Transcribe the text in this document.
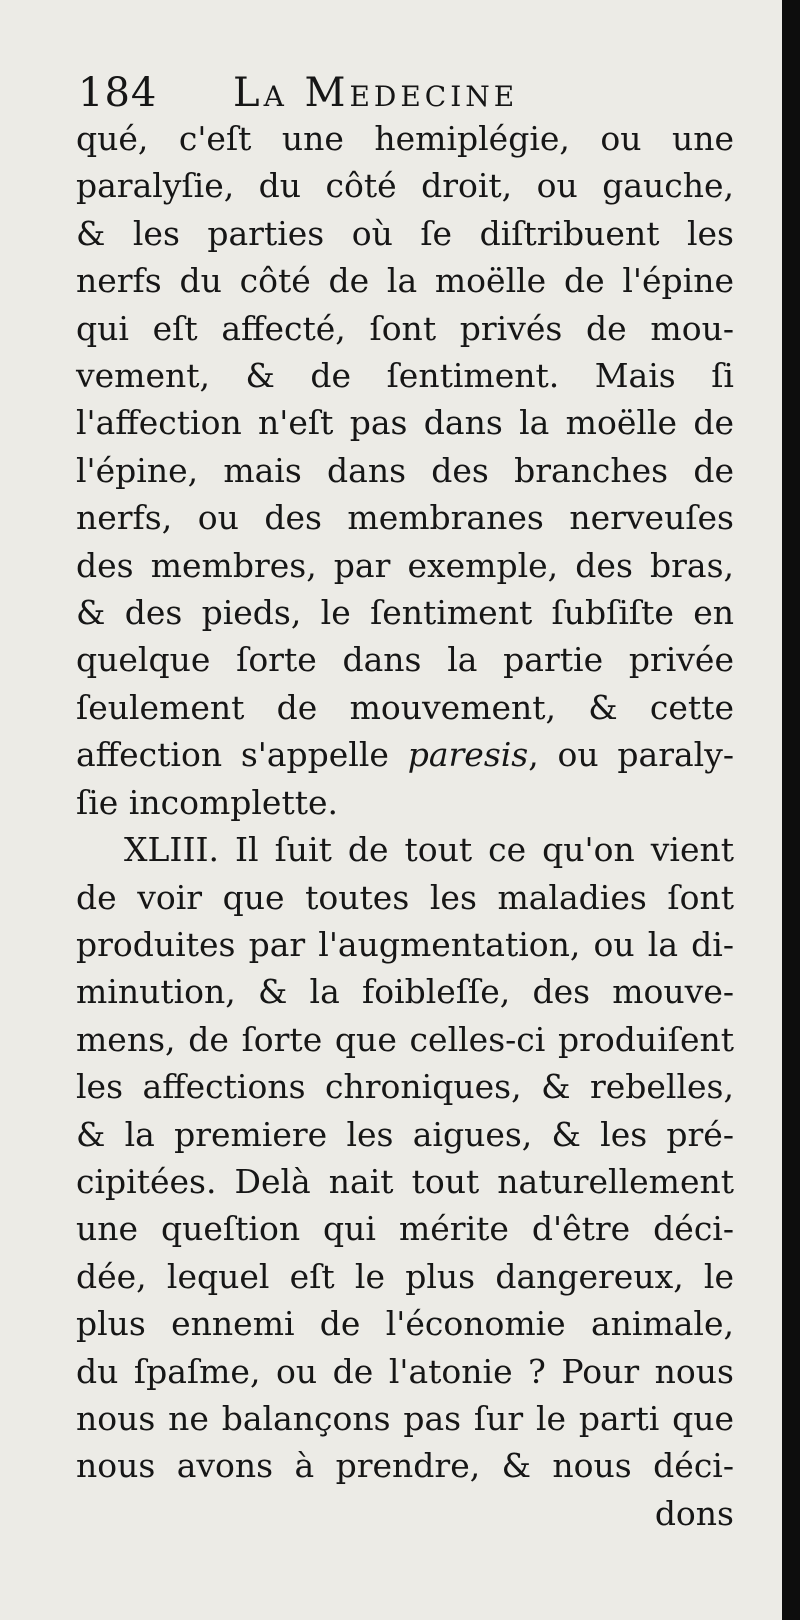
184 La Medecine
qué, c'eſt une hemiplégie, ou une
paralyſie, du côté droit, ou gauche,
& les parties où ſe diſtribuent les
nerfs du côté de la moëlle de l'épine
qui eſt affecté, ſont privés de mou-
vement, & de ſentiment. Mais ſi
l'affection n'eſt pas dans la moëlle de
l'épine, mais dans des branches de
nerfs, ou des membranes nerveuſes
des membres, par exemple, des bras,
& des pieds, le ſentiment ſubſiſte en
quelque ſorte dans la partie privée
ſeulement de mouvement, & cette
affection s'appelle paresis, ou paraly-
ſie incomplette.
XLIII. Il ſuit de tout ce qu'on vient
de voir que toutes les maladies ſont
produites par l'augmentation, ou la di-
minution, & la foibleſſe, des mouve-
mens, de ſorte que celles-ci produiſent
les affections chroniques, & rebelles,
& la premiere les aigues, & les pré-
cipitées. Delà nait tout naturellement
une queſtion qui mérite d'être déci-
dée, lequel eſt le plus dangereux, le
plus ennemi de l'économie animale,
du ſpaſme, ou de l'atonie ? Pour nous
nous ne balançons pas ſur le parti que
nous avons à prendre, & nous déci-
dons
